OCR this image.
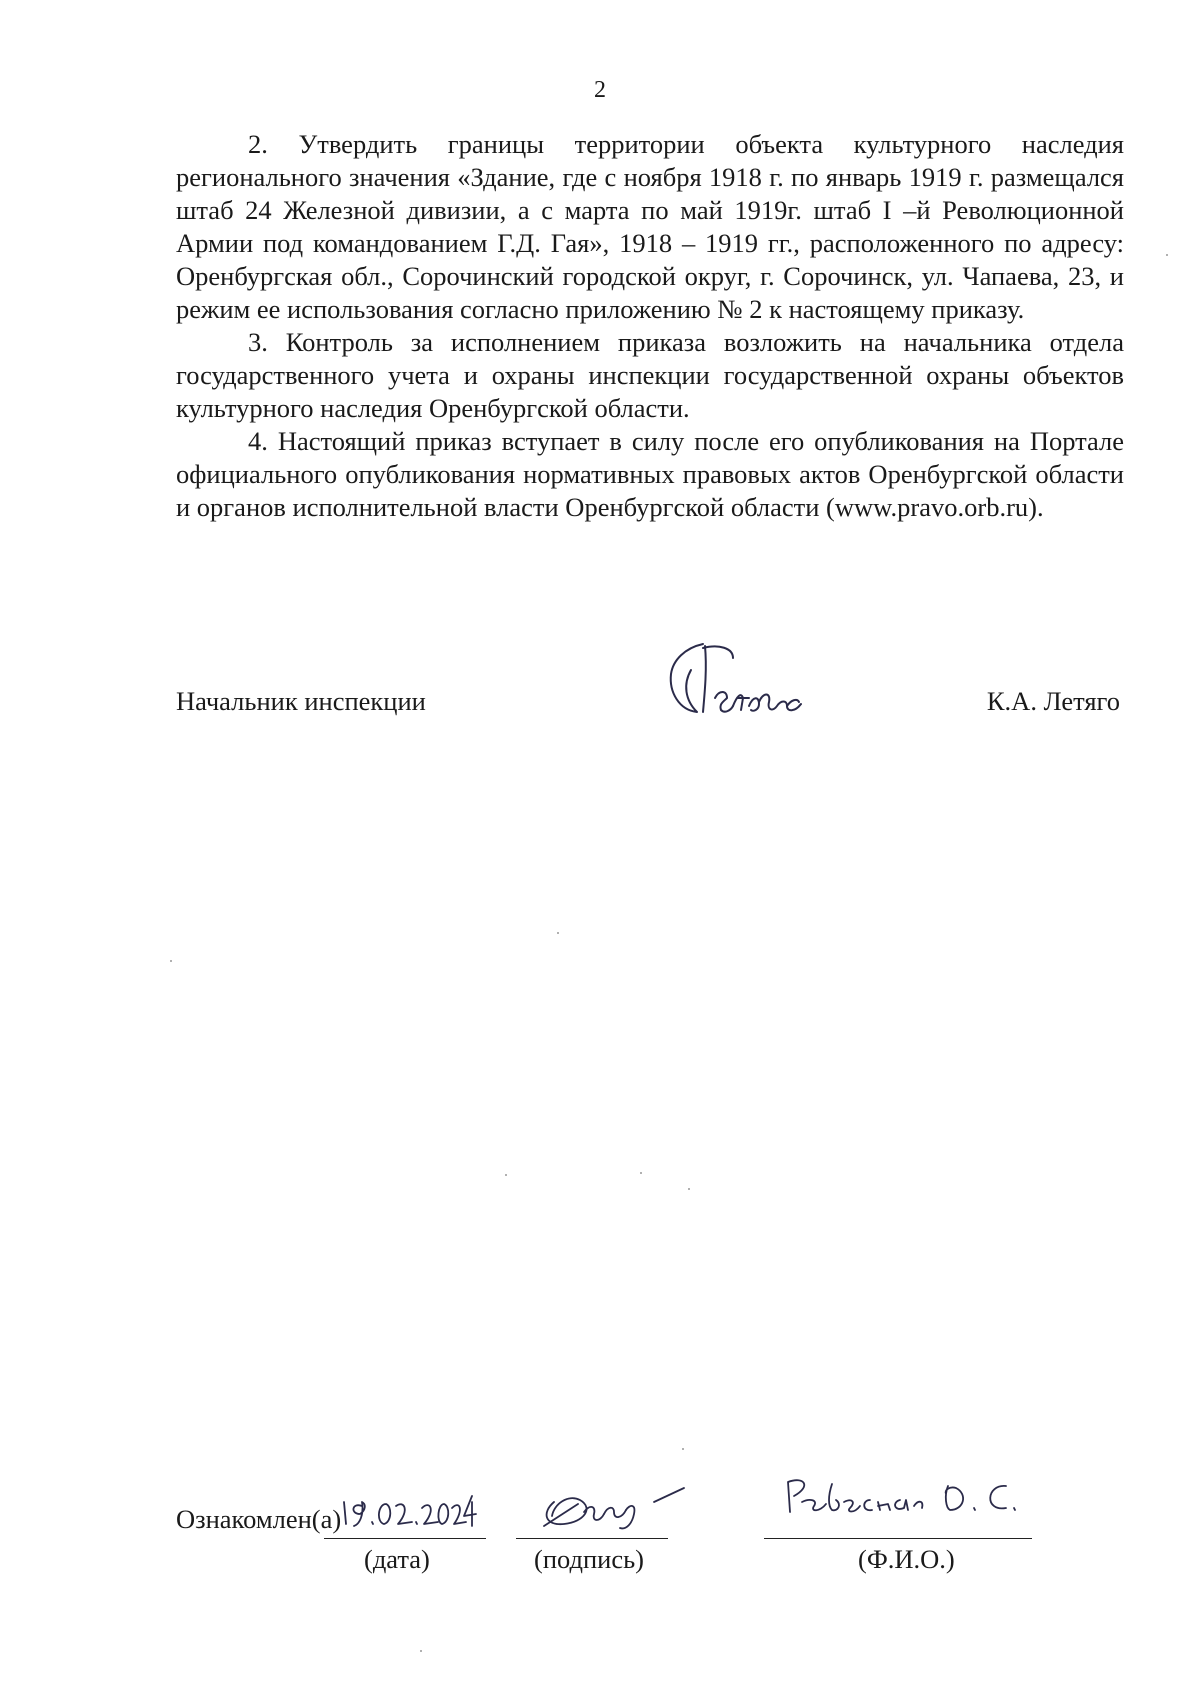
2

2. Утвердить границы территории объекта культурного наследия регионального значения «Здание, где с ноября 1918 г. по январь 1919 г. размещался штаб 24 Железной дивизии, а с марта по май 1919г. штаб I –й Революционной Армии под командованием Г.Д. Гая», 1918 – 1919 гг., расположенного по адресу: Оренбургская обл., Сорочинский городской округ, г. Сорочинск, ул. Чапаева, 23, и режим ее использования согласно приложению № 2 к настоящему приказу.

3. Контроль за исполнением приказа возложить на начальника отдела государственного учета и охраны инспекции государственной охраны объектов культурного наследия Оренбургской области.

4. Настоящий приказ вступает в силу после его опубликования на Портале официального опубликования нормативных правовых актов Оренбургской области и органов исполнительной власти Оренбургской области (www.pravo.orb.ru).

Начальник инспекции	К.А. Летяго
Ознакомлен(а)
(дата)	(подпись)	(Ф.И.О.)
